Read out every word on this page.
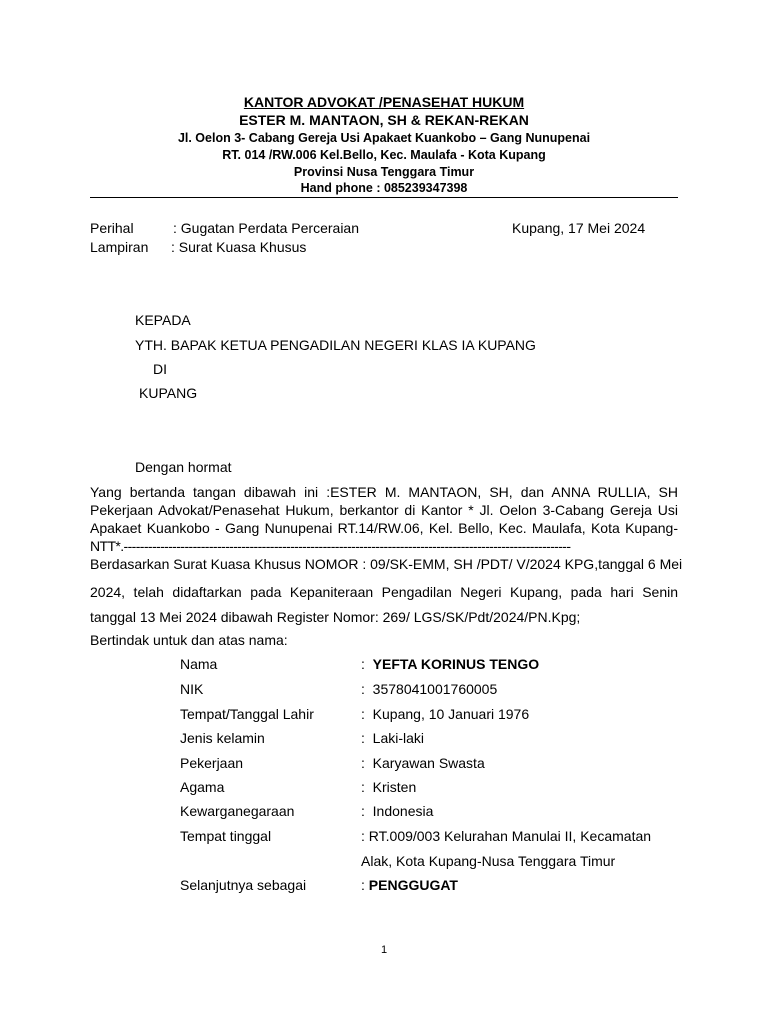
KANTOR ADVOKAT /PENASEHAT HUKUM
ESTER M. MANTAON, SH & REKAN-REKAN
Jl. Oelon 3- Cabang Gereja Usi Apakaet Kuankobo – Gang Nunupenai
RT. 014 /RW.006 Kel.Bello, Kec. Maulafa - Kota Kupang
Provinsi Nusa Tenggara Timur
Hand phone : 085239347398
Perihal	: Gugatan Perdata Perceraian	Kupang, 17 Mei 2024
Lampiran : Surat Kuasa Khusus
KEPADA
YTH. BAPAK KETUA PENGADILAN NEGERI KLAS IA KUPANG
DI
KUPANG
Dengan hormat
Yang bertanda tangan dibawah ini :ESTER M. MANTAON, SH, dan ANNA RULLIA, SH
Pekerjaan Advokat/Penasehat Hukum, berkantor di Kantor * Jl. Oelon 3-Cabang Gereja Usi
Apakaet Kuankobo - Gang Nunupenai RT.14/RW.06, Kel. Bello, Kec. Maulafa, Kota Kupang-
NTT*.--------------------------------------------------------------------------------------------------------------
Berdasarkan Surat Kuasa Khusus NOMOR : 09/SK-EMM, SH /PDT/ V/2024 KPG,tanggal 6 Mei
2024, telah didaftarkan pada Kepaniteraan Pengadilan Negeri Kupang, pada hari Senin
tanggal 13 Mei 2024 dibawah Register Nomor: 269/ LGS/SK/Pdt/2024/PN.Kpg;
Bertindak untuk dan atas nama:
Nama	: YEFTA KORINUS TENGO
NIK	: 3578041001760005
Tempat/Tanggal Lahir	: Kupang, 10 Januari 1976
Jenis kelamin	: Laki-laki
Pekerjaan	: Karyawan Swasta
Agama	: Kristen
Kewarganegaraan	: Indonesia
Tempat tinggal	: RT.009/003 Kelurahan Manulai II, Kecamatan
Alak, Kota Kupang-Nusa Tenggara Timur
Selanjutnya sebagai	: PENGGUGAT
1
